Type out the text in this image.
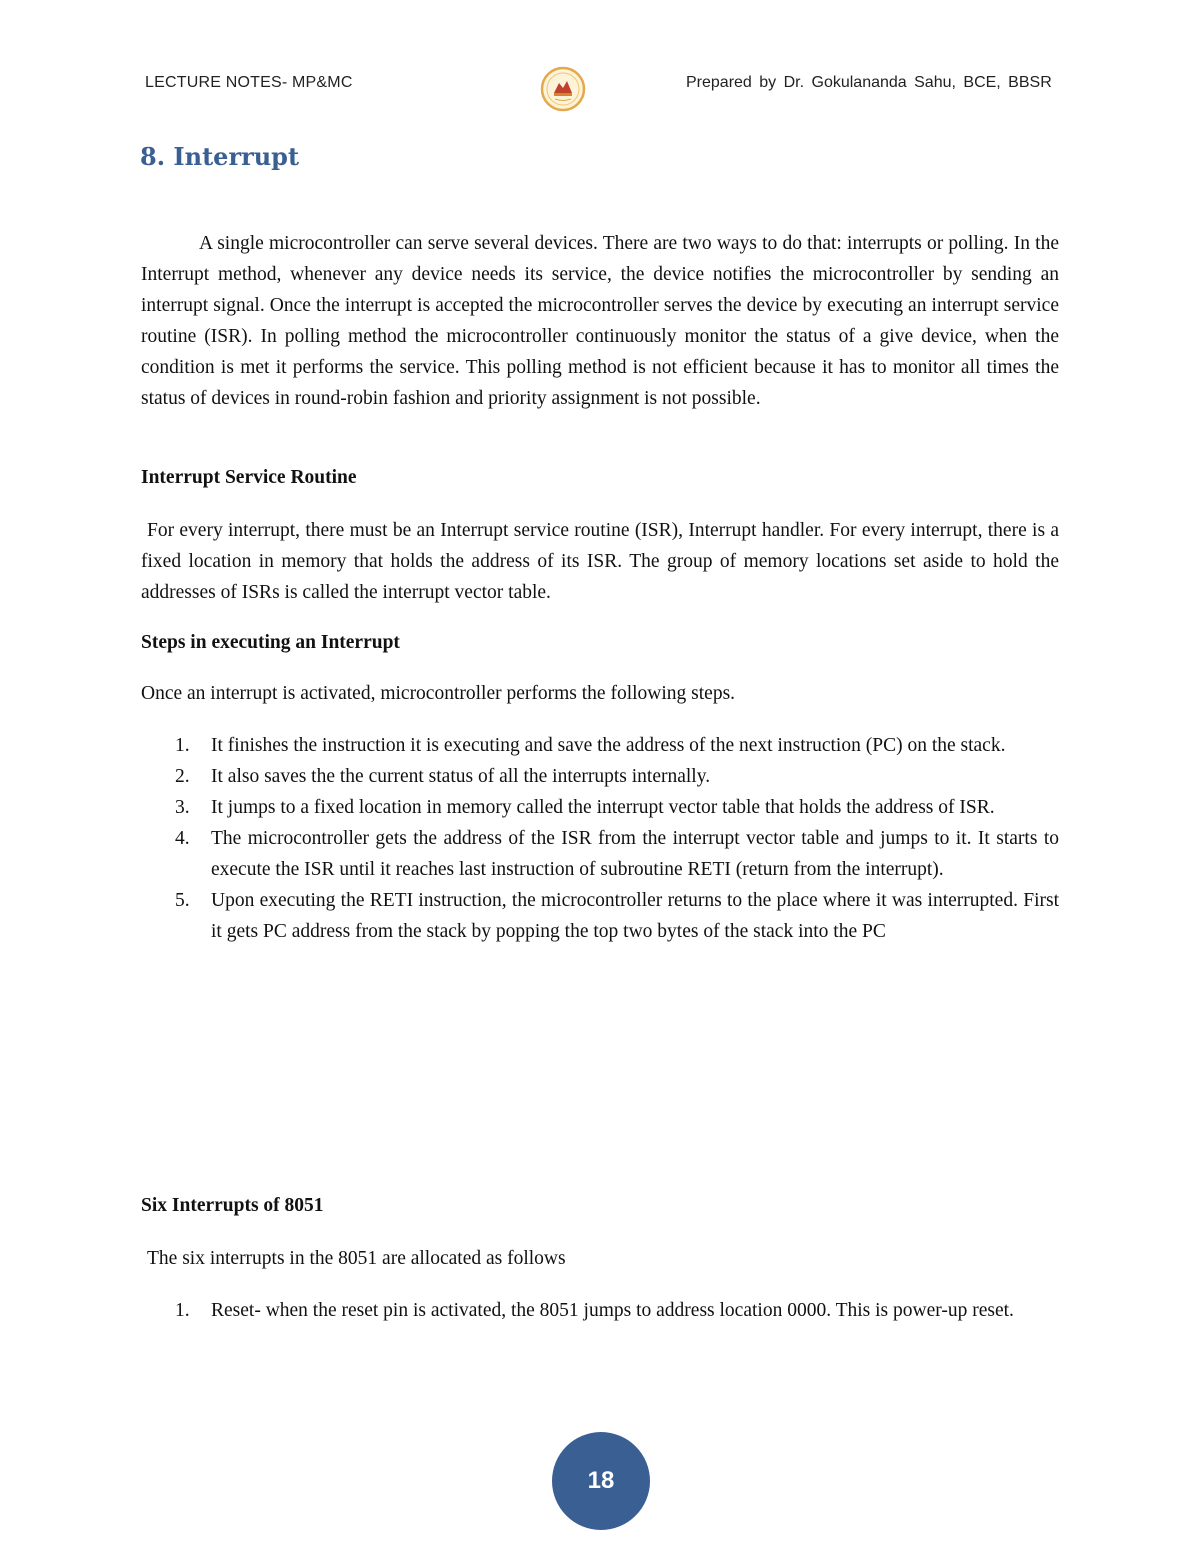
LECTURE NOTES- MP&MC	Prepared by Dr. Gokulananda Sahu, BCE, BBSR
8. Interrupt

A single microcontroller can serve several devices. There are two ways to do that: interrupts or polling. In the Interrupt method, whenever any device needs its service, the device notifies the microcontroller by sending an interrupt signal. Once the interrupt is accepted the microcontroller serves the device by executing an interrupt service routine (ISR). In polling method the microcontroller continuously monitor the status of a give device, when the condition is met it performs the service. This polling method is not efficient because it has to monitor all times the status of devices in round-robin fashion and priority assignment is not possible.

Interrupt Service Routine

For every interrupt, there must be an Interrupt service routine (ISR), Interrupt handler. For every interrupt, there is a fixed location in memory that holds the address of its ISR. The group of memory locations set aside to hold the addresses of ISRs is called the interrupt vector table.

Steps in executing an Interrupt

Once an interrupt is activated, microcontroller performs the following steps.

1. It finishes the instruction it is executing and save the address of the next instruction (PC) on the stack.
2. It also saves the the current status of all the interrupts internally.
3. It jumps to a fixed location in memory called the interrupt vector table that holds the address of ISR.
4. The microcontroller gets the address of the ISR from the interrupt vector table and jumps to it. It starts to execute the ISR until it reaches last instruction of subroutine RETI (return from the interrupt).
5. Upon executing the RETI instruction, the microcontroller returns to the place where it was interrupted. First it gets PC address from the stack by popping the top two bytes of the stack into the PC

Six Interrupts of 8051

The six interrupts in the 8051 are allocated as follows

1. Reset- when the reset pin is activated, the 8051 jumps to address location 0000. This is power-up reset.
18
